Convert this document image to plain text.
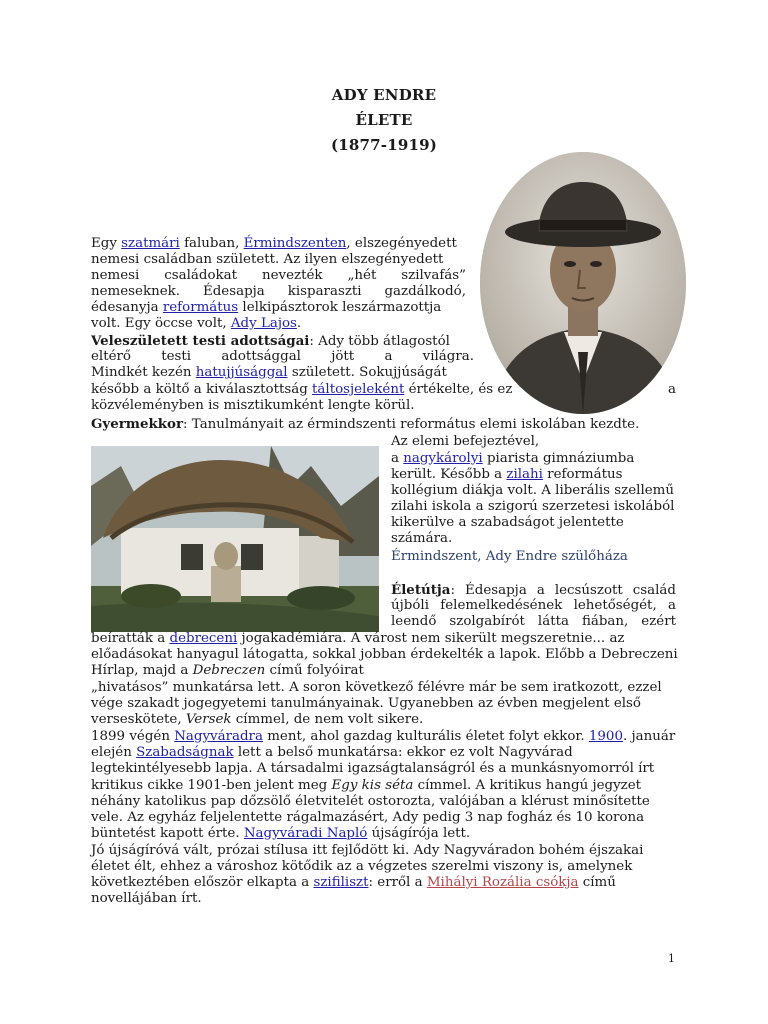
ADY ENDRE
ÉLETE
(1877-1919)
Egy szatmári faluban, Érmindszenten, elszegényedett
nemesi családban született. Az ilyen elszegényedett
nemesi családokat nevezték „hét szilvafás”
nemeseknek. Édesapja kisparaszti gazdálkodó,
édesanyja református lelkipásztorok leszármazottja
volt. Egy öccse volt, Ady Lajos.
Veleszületett testi adottságai: Ady több átlagostól
eltérő testi adottsággal jött a világra.
Mindkét kezén hatujjúsággal született. Sokujjúságát
később a költő a kiválasztottság táltosjeleként értékelte, és ez	a
közvéleményben is misztikumként lengte körül.
Gyermekkor: Tanulmányait az érmindszenti református elemi iskolában kezdte.
Az elemi befejeztével,
a nagykárolyi piarista gimnáziumba
került. Később a zilahi református
kollégium diákja volt. A liberális szellemű
zilahi iskola a szigorú szerzetesi iskolából
kikerülve a szabadságot jelentette
számára.
Érmindszent, Ady Endre szülőháza
Életútja: Édesapja a lecsúszott család
újbóli felemelkedésének lehetőségét, a
leendő szolgabírót látta fiában, ezért
beíratták a debreceni jogakadémiára. A várost nem sikerült megszeretnie... az
előadásokat hanyagul látogatta, sokkal jobban érdekelték a lapok. Előbb a Debreczeni
Hírlap, majd a Debreczen című folyóirat
„hivatásos” munkatársa lett. A soron következő félévre már be sem iratkozott, ezzel
vége szakadt jogegyetemi tanulmányainak. Ugyanebben az évben megjelent első
verseskötete, Versek címmel, de nem volt sikere.
1899 végén Nagyváradra ment, ahol gazdag kulturális életet folyt ekkor. 1900. január
elején Szabadságnak lett a belső munkatársa: ekkor ez volt Nagyvárad
legtekintélyesebb lapja. A társadalmi igazságtalanságról és a munkásnyomorról írt
kritikus cikke 1901-ben jelent meg Egy kis séta címmel. A kritikus hangú jegyzet
néhány katolikus pap dőzsölő életvitelét ostorozta, valójában a klérust minősítette
vele. Az egyház feljelentette rágalmazásért, Ady pedig 3 nap fogház és 10 korona
büntetést kapott érte. Nagyváradi Napló újságírója lett.
Jó újságíróvá vált, prózai stílusa itt fejlődött ki. Ady Nagyváradon bohém éjszakai
életet élt, ehhez a városhoz kötődik az a végzetes szerelmi viszony is, amelynek
következtében először elkapta a szifiliszt: erről a Mihályi Rozália csókja című
novellájában írt.
1
